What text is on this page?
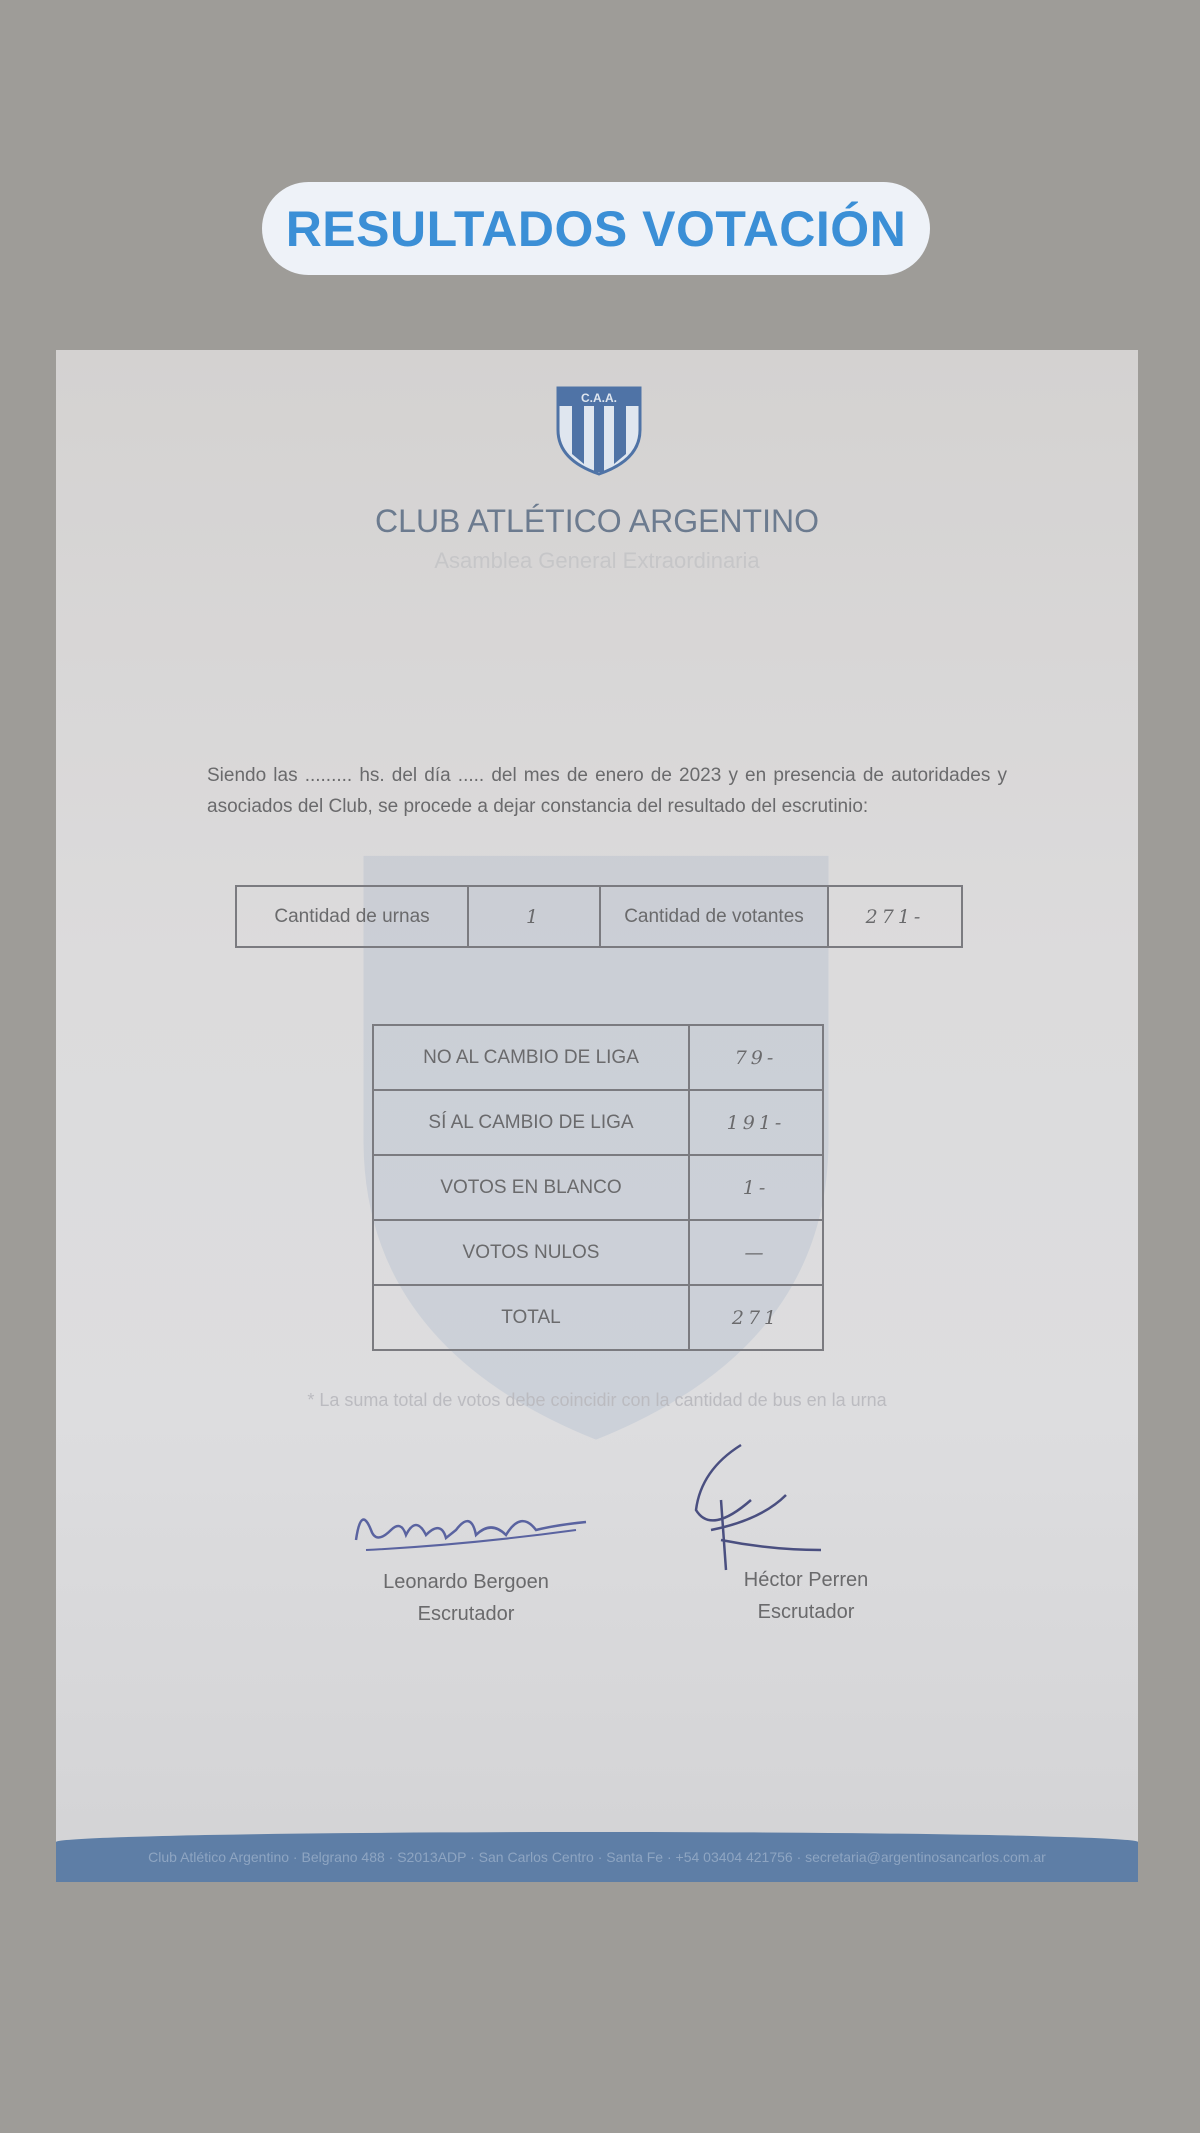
RESULTADOS VOTACIÓN
C.A.A.
CLUB ATLÉTICO ARGENTINO
Asamblea General Extraordinaria
Siendo las ......... hs. del día ..... del mes de enero de 2023 y en presencia de autoridades y asociados del Club, se procede a dejar constancia del resultado del escrutinio:
Cantidad de urnas	1	Cantidad de votantes	271-
NO AL CAMBIO DE LIGA	79-
SÍ AL CAMBIO DE LIGA	191-
VOTOS EN BLANCO	1-
VOTOS NULOS	—
TOTAL	271
* La suma total de votos debe coincidir con la cantidad de bus en la urna
Leonardo Bergoen
Escrutador
Héctor Perren
Escrutador
Club Atlético Argentino · Belgrano 488 · S2013ADP · San Carlos Centro · Santa Fe · +54 03404 421756 · secretaria@argentinosancarlos.com.ar
